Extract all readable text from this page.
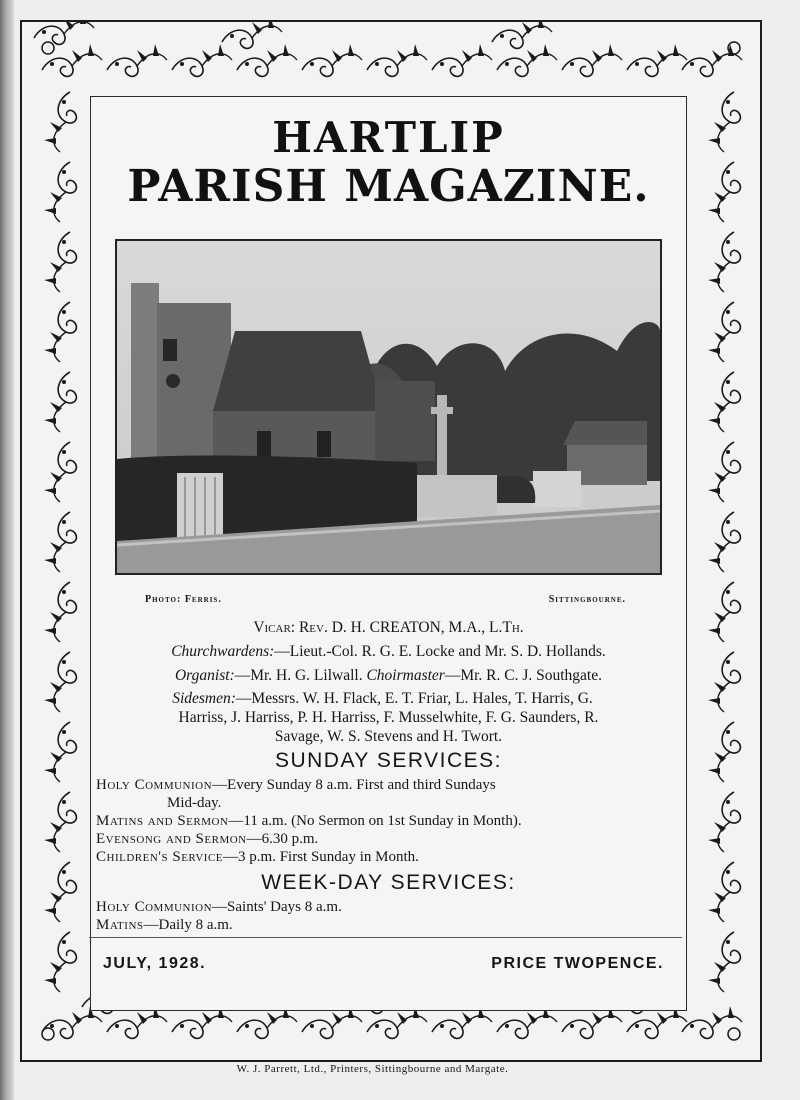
HARTLIP
PARISH MAGAZINE.
Photo: Ferris.	Sittingbourne.
Vicar: Rev. D. H. CREATON, M.A., L.Th.
Churchwardens:—Lieut.-Col. R. G. E. Locke and Mr. S. D. Hollands.
Organist:—Mr. H. G. Lilwall. Choirmaster—Mr. R. C. J. Southgate.
Sidesmen:—Messrs. W. H. Flack, E. T. Friar, L. Hales, T. Harris, G.
Harriss, J. Harriss, P. H. Harriss, F. Musselwhite, F. G. Saunders, R.
Savage, W. S. Stevens and H. Twort.
SUNDAY SERVICES:
Holy Communion—Every Sunday 8 a.m. First and third Sundays
Mid-day.
Matins and Sermon—11 a.m. (No Sermon on 1st Sunday in Month).
Evensong and Sermon—6.30 p.m.
Children's Service—3 p.m. First Sunday in Month.
WEEK-DAY SERVICES:
Holy Communion—Saints' Days 8 a.m.
Matins—Daily 8 a.m.
JULY, 1928.	PRICE TWOPENCE.
W. J. Parrett, Ltd., Printers, Sittingbourne and Margate.
